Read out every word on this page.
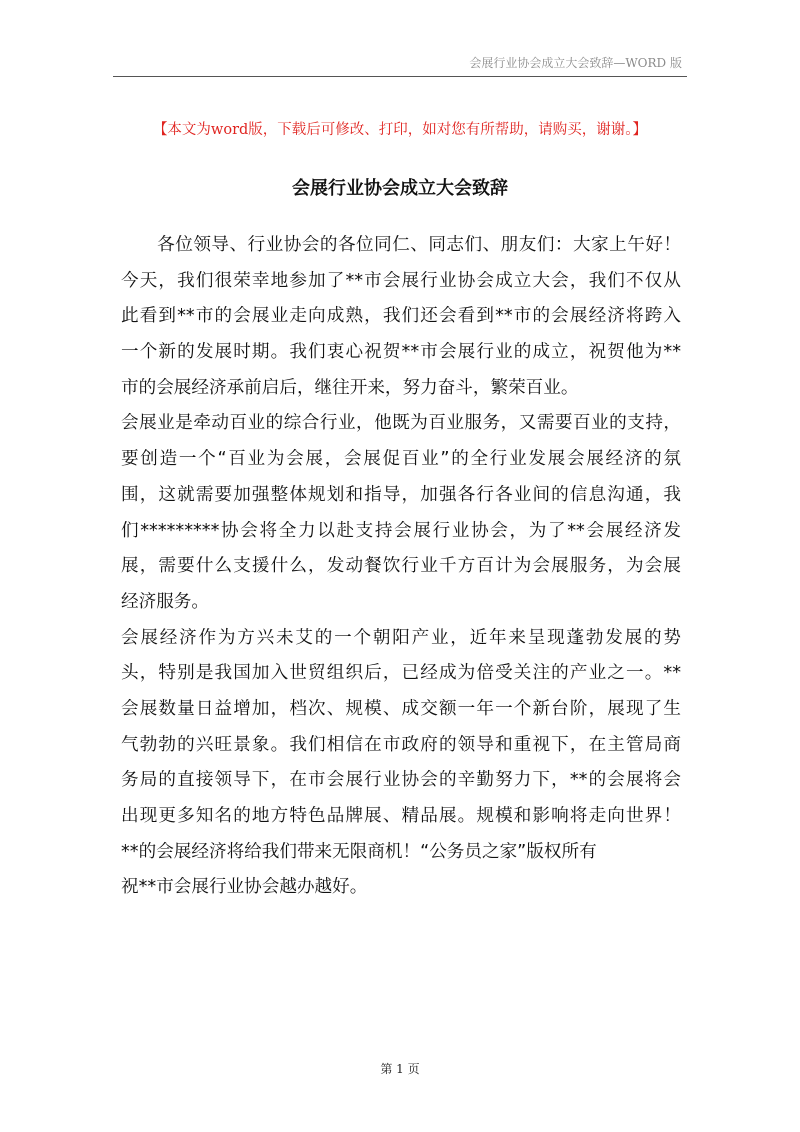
会展行业协会成立大会致辞—WORD 版
【本文为word版，下载后可修改、打印，如对您有所帮助，请购买，谢谢。】
会展行业协会成立大会致辞
　　各位领导、行业协会的各位同仁、同志们、朋友们：大家上午好！
今天，我们很荣幸地参加了**市会展行业协会成立大会，我们不仅从
此看到**市的会展业走向成熟，我们还会看到**市的会展经济将跨入
一个新的发展时期。我们衷心祝贺**市会展行业的成立，祝贺他为**
市的会展经济承前启后，继往开来，努力奋斗，繁荣百业。
会展业是牵动百业的综合行业，他既为百业服务，又需要百业的支持，
要创造一个“百业为会展，会展促百业”的全行业发展会展经济的氛
围，这就需要加强整体规划和指导，加强各行各业间的信息沟通，我
们*********协会将全力以赴支持会展行业协会，为了**会展经济发
展，需要什么支援什么，发动餐饮行业千方百计为会展服务，为会展
经济服务。
会展经济作为方兴未艾的一个朝阳产业，近年来呈现蓬勃发展的势
头，特别是我国加入世贸组织后，已经成为倍受关注的产业之一。**
会展数量日益增加，档次、规模、成交额一年一个新台阶，展现了生
气勃勃的兴旺景象。我们相信在市政府的领导和重视下，在主管局商
务局的直接领导下，在市会展行业协会的辛勤努力下，**的会展将会
出现更多知名的地方特色品牌展、精品展。规模和影响将走向世界！
**的会展经济将给我们带来无限商机！“公务员之家”版权所有
祝**市会展行业协会越办越好。
第 1 页
